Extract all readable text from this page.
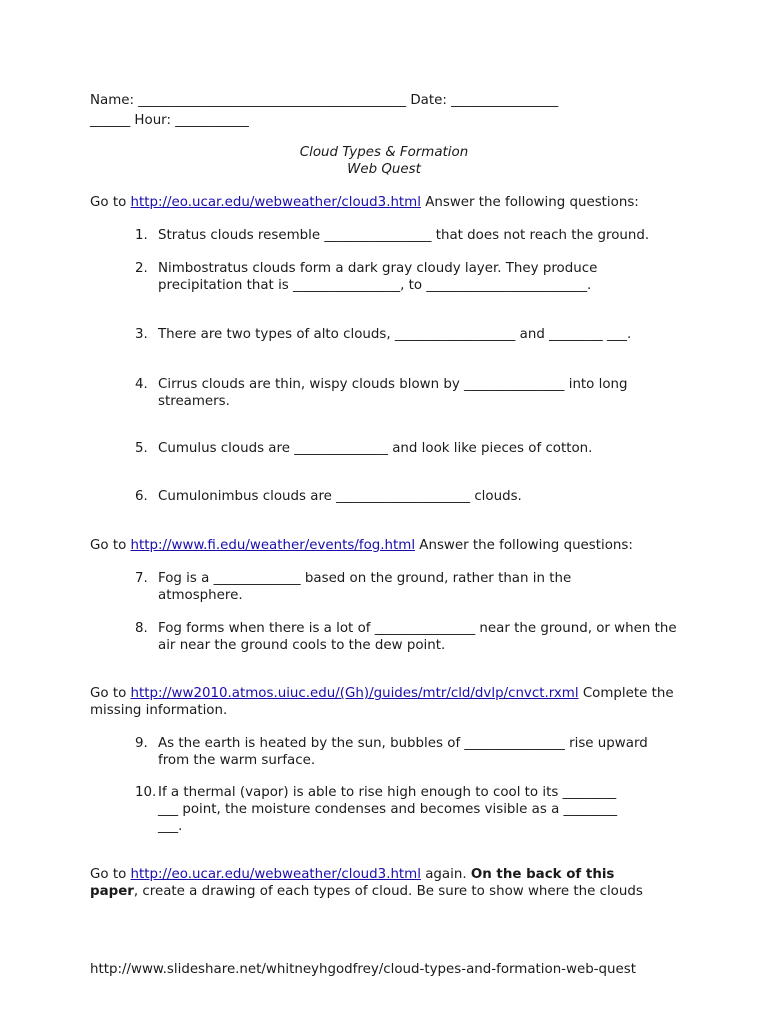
Name: ________________________________________ Date: ________________
______ Hour: ___________
Cloud Types & Formation
Web Quest
Go to http://eo.ucar.edu/webweather/cloud3.html Answer the following questions:
1. Stratus clouds resemble ________________ that does not reach the ground.
2. Nimbostratus clouds form a dark gray cloudy layer. They produce precipitation that is ________________, to ________________________.
3. There are two types of alto clouds, __________________ and ________ ___.
4. Cirrus clouds are thin, wispy clouds blown by _______________ into long streamers.
5. Cumulus clouds are ______________ and look like pieces of cotton.
6. Cumulonimbus clouds are ____________________ clouds.
Go to http://www.fi.edu/weather/events/fog.html Answer the following questions:
7. Fog is a _____________ based on the ground, rather than in the atmosphere.
8. Fog forms when there is a lot of _______________ near the ground, or when the air near the ground cools to the dew point.
Go to http://ww2010.atmos.uiuc.edu/(Gh)/guides/mtr/cld/dvlp/cnvct.rxml Complete the missing information.
9. As the earth is heated by the sun, bubbles of _______________ rise upward from the warm surface.
10. If a thermal (vapor) is able to rise high enough to cool to its ________ ___ point, the moisture condenses and becomes visible as a ________ ___.
Go to http://eo.ucar.edu/webweather/cloud3.html again. On the back of this paper, create a drawing of each types of cloud. Be sure to show where the clouds
http://www.slideshare.net/whitneyhgodfrey/cloud-types-and-formation-web-quest
